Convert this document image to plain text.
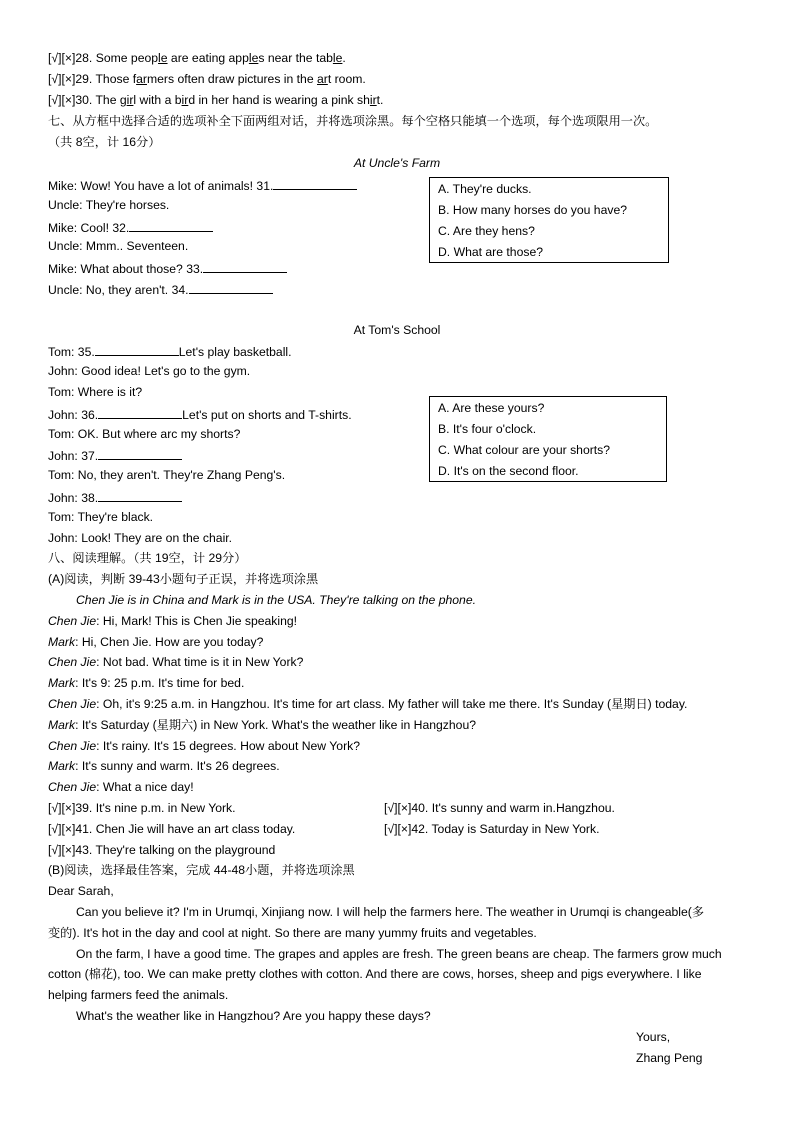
[√][×]28. Some people are eating apples near the table.
[√][×]29. Those farmers often draw pictures in the art room.
[√][×]30. The girl with a bird in her hand is wearing a pink shirt.
七、从方框中选择合适的选项补全下面两组对话，并将选项涂黑。每个空格只能填一个选项，每个选项限用一次。
（共 8空，计 16分）
At Uncle's Farm
Mike: Wow! You have a lot of animals! 31.
Uncle: They're horses.
Mike: Cool! 32.
Uncle: Mmm.. Seventeen.
Mike: What about those? 33.
Uncle: No, they aren't. 34.
A. They're ducks.
B. How many horses do you have?
C. Are they hens?
D. What are those?
At Tom's School
Tom: 35.	Let's play basketball.
John: Good idea! Let's go to the gym.
Tom: Where is it?
John: 36.	Let's put on shorts and T-shirts.
Tom: OK. But where arc my shorts?
John: 37.
Tom: No, they aren't. They're Zhang Peng's.
John: 38.
Tom: They're black.
John: Look! They are on the chair.
A. Are these yours?
B. It's four o'clock.
C. What colour are your shorts?
D. It's on the second floor.
八、阅读理解。（共 19空，计 29分）
(A)阅读，判断 39-43小题句子正误，并将选项涂黑
Chen Jie is in China and Mark is in the USA. They're talking on the phone.
Chen Jie: Hi, Mark! This is Chen Jie speaking!
Mark: Hi, Chen Jie. How are you today?
Chen Jie: Not bad. What time is it in New York?
Mark: It's 9: 25 p.m. It's time for bed.
Chen Jie: Oh, it's 9:25 a.m. in Hangzhou. It's time for art class. My father will take me there. It's Sunday (星期日) today.
Mark: It's Saturday (星期六) in New York. What's the weather like in Hangzhou?
Chen Jie: It's rainy. It's 15 degrees. How about New York?
Mark: It's sunny and warm. It's 26 degrees.
Chen Jie: What a nice day!
[√][×]39. It's nine p.m. in New York.	[√][×]40. It's sunny and warm in.Hangzhou.
[√][×]41. Chen Jie will have an art class today.	[√][×]42. Today is Saturday in New York.
[√][×]43. They're talking on the playground
(B)阅读，选择最佳答案，完成 44-48小题，并将选项涂黑
Dear Sarah,
Can you believe it? I'm in Urumqi, Xinjiang now. I will help the farmers here. The weather in Urumqi is changeable(多
变的). It's hot in the day and cool at night. So there are many yummy fruits and vegetables.
On the farm, I have a good time. The grapes and apples are fresh. The green beans are cheap. The farmers grow much
cotton (棉花), too. We can make pretty clothes with cotton. And there are cows, horses, sheep and pigs everywhere. I like
helping farmers feed the animals.
What's the weather like in Hangzhou? Are you happy these days?
Yours,
Zhang Peng
